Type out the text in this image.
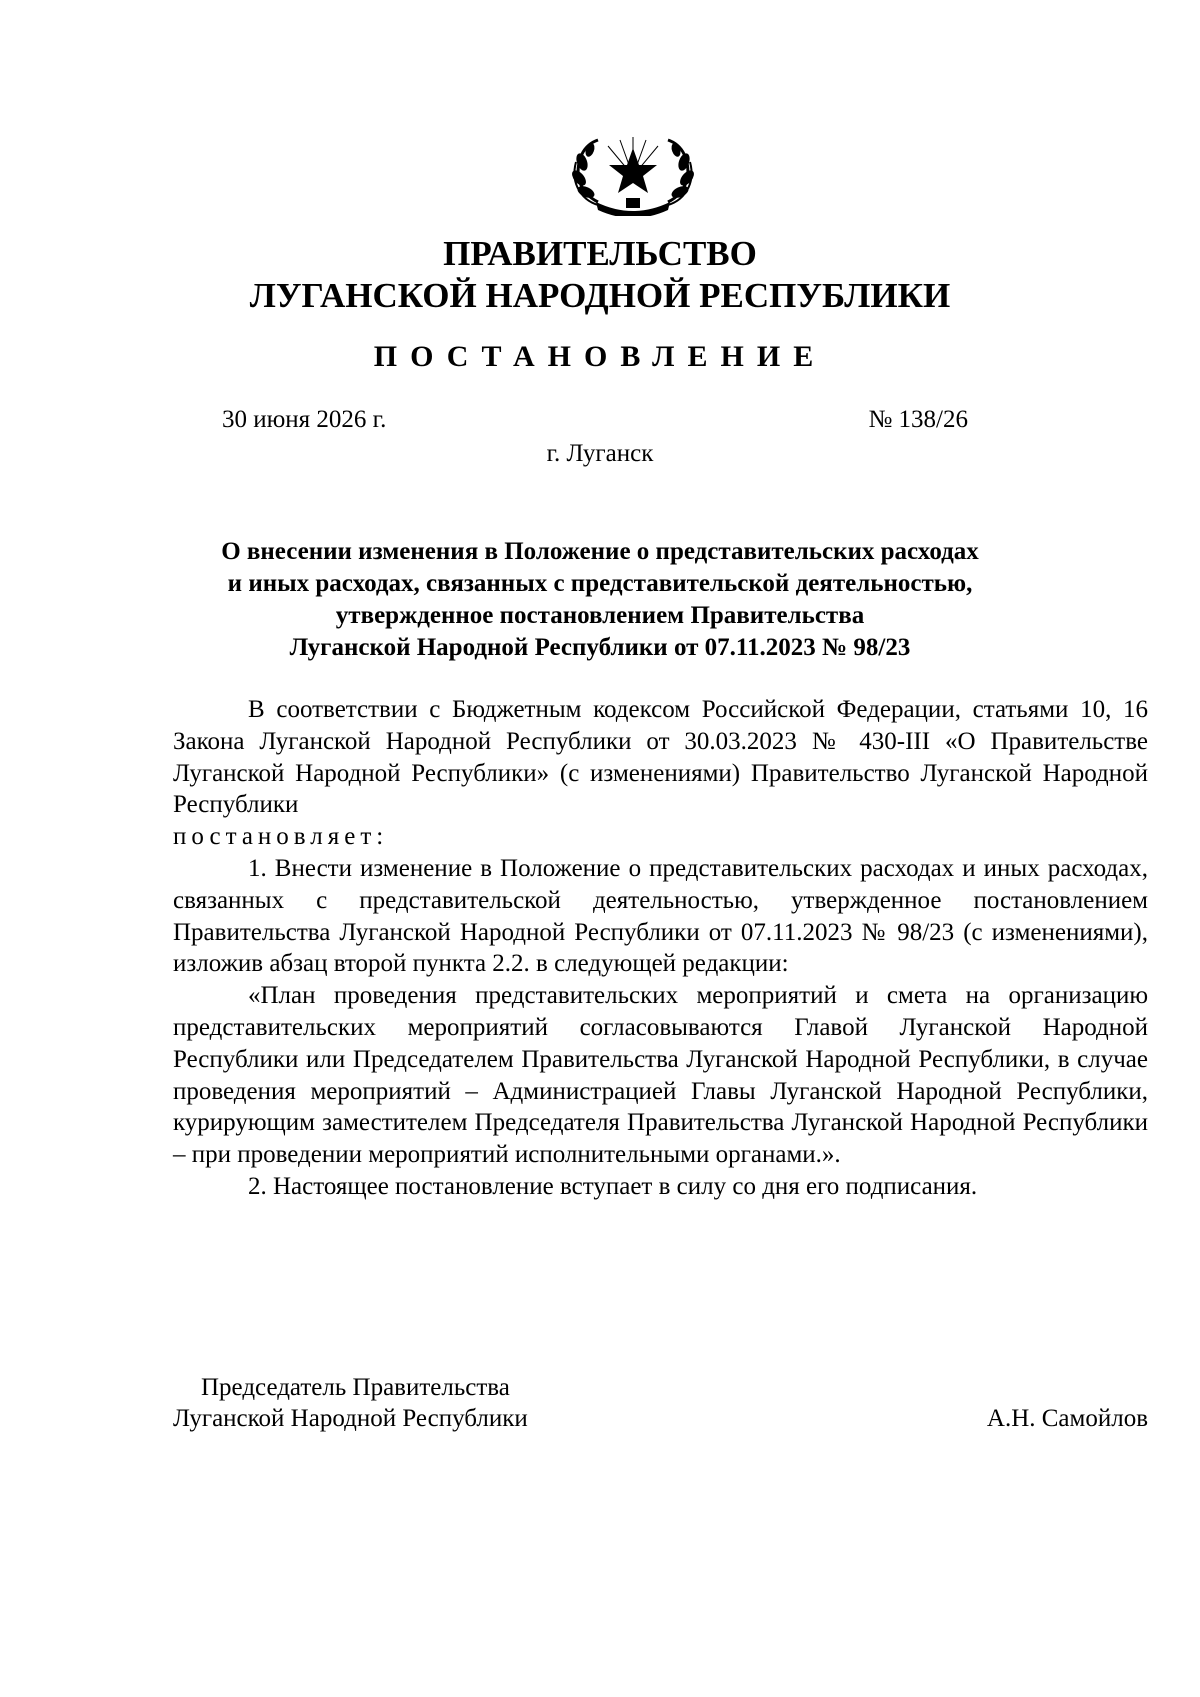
ПРАВИТЕЛЬСТВО
ЛУГАНСКОЙ НАРОДНОЙ РЕСПУБЛИКИ
ПОСТАНОВЛЕНИЕ
30 июня 2026 г.	№ 138/26
г. Луганск
О внесении изменения в Положение о представительских расходах
и иных расходах, связанных с представительской деятельностью,
утвержденное постановлением Правительства
Луганской Народной Республики от 07.11.2023 № 98/23

В соответствии с Бюджетным кодексом Российской Федерации, статьями 10, 16 Закона Луганской Народной Республики от 30.03.2023 № 430-III «О Правительстве Луганской Народной Республики» (с изменениями) Правительство Луганской Народной Республики

постановляет:

1. Внести изменение в Положение о представительских расходах и иных расходах, связанных с представительской деятельностью, утвержденное постановлением Правительства Луганской Народной Республики от 07.11.2023 № 98/23 (с изменениями), изложив абзац второй пункта 2.2. в следующей редакции:

«План проведения представительских мероприятий и смета на организацию представительских мероприятий согласовываются Главой Луганской Народной Республики или Председателем Правительства Луганской Народной Республики, в случае проведения мероприятий – Администрацией Главы Луганской Народной Республики, курирующим заместителем Председателя Правительства Луганской Народной Республики – при проведении мероприятий исполнительными органами.».

2. Настоящее постановление вступает в силу со дня его подписания.

Председатель Правительства
Луганской Народной Республики	А.Н. Самойлов
